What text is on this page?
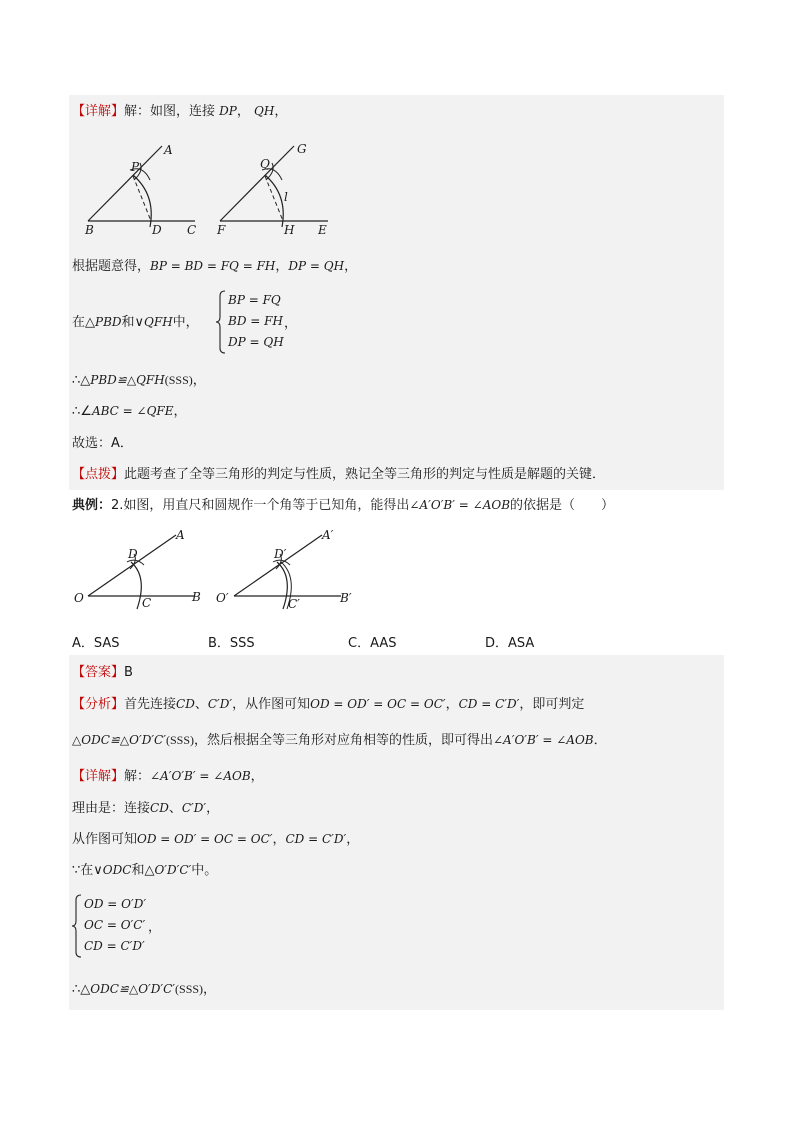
【详解】解：如图，连接 DP， QH，
A
P
B	D C
G
Q
l
F	H E
根据题意得，BP = BD = FQ = FH，DP = QH，
在△PBD和∨QFH中，
BP = FQ
BD = FH
DP = QH
，
∴△PBD≌△QFH(SSS)，
∴∠ABC = ∠QFE，
故选：A．
【点拨】此题考查了全等三角形的判定与性质，熟记全等三角形的判定与性质是解题的关键．
典例：2.如图，用直尺和圆规作一个角等于已知角，能得出∠A′O′B′ = ∠AOB的依据是（　　）
O
D
A
C	B O′
D′
A′
C′	B′
A．SAS	B．SSS	C．AAS	D．ASA
【答案】B
【分析】首先连接CD、C′D′，从作图可知OD = OD′ = OC = OC′，CD = C′D′，即可判定
△ODC≌△O′D′C′(SSS)，然后根据全等三角形对应角相等的性质，即可得出∠A′O′B′ = ∠AOB．
【详解】解：∠A′O′B′ = ∠AOB，
理由是：连接CD、C′D′，
从作图可知OD = OD′ = OC = OC′，CD = C′D′，
∵在∨ODC和△O′D′C′中。
OD = O′D′
OC = O′C′
CD = C′D′
，
∴△ODC≌△O′D′C′(SSS)，
